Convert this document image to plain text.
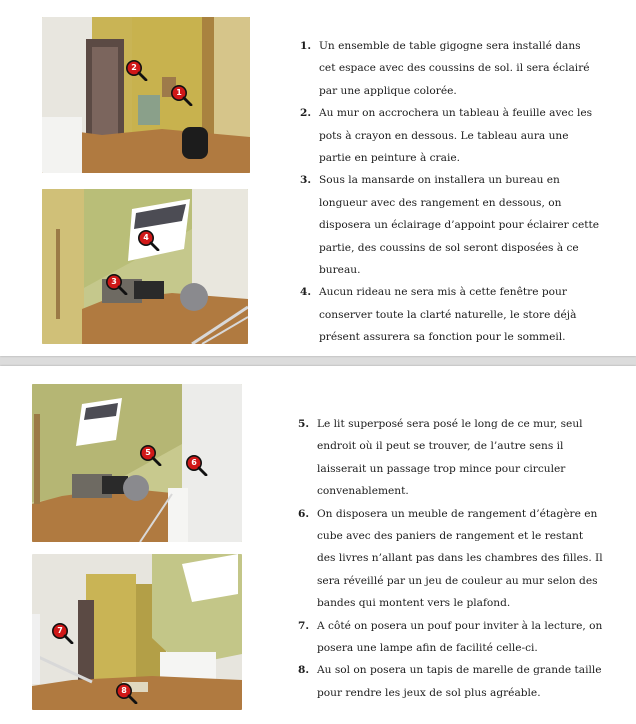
2
1
4
3
1. Un ensemble de table gigogne sera installé dans cet espace avec des coussins de sol. il sera éclairé par une applique colorée.
2. Au mur on accrochera un tableau à feuille avec les pots à crayon en dessous. Le tableau aura une partie en peinture à craie.
3. Sous la mansarde on installera un bureau en longueur avec des rangement en dessous, on disposera un éclairage d’appoint pour éclairer cette partie, des coussins de sol seront disposées à ce bureau.
4. Aucun rideau ne sera mis à cette fenêtre pour conserver toute la clarté naturelle, le store déjà présent assurera sa fonction pour le sommeil.
5
6
7
8
5. Le lit superposé sera posé le long de ce mur, seul endroit où il peut se trouver, de l’autre sens il laisserait un passage trop mince pour circuler convenablement.
6. On disposera un meuble de rangement d’étagère en cube avec des paniers de rangement et le restant des livres n’allant pas dans les chambres des filles. Il sera réveillé par un jeu de couleur au mur selon des bandes qui montent vers le plafond.
7. A côté on posera un pouf pour inviter à la lecture, on posera une lampe afin de facilité celle-ci.
8. Au sol on posera un tapis de marelle de grande taille pour rendre les jeux de sol plus agréable.
